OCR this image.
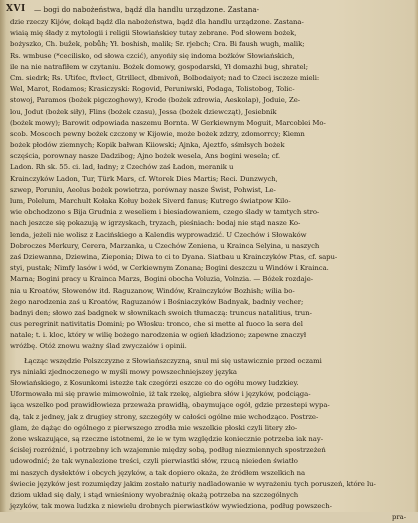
XVI — bogi do nabożeństwa, bądź dla handlu urządzone. Zastana-
dzie rzeczy Kijów, dokąd bądź dla nabożeństwa, bądź dla handlu urządzone. Zastana-
wiaią mię śłady z mytologii i religii Słowiańskiey tutay zebrane. Pod słowem bożek,
bożyszko, Ch. bužek, pobůh; Ył. boshish, malik; Sr. rjebch; Cra. Bi faush wugh, malik;
Rs. wmbuse (*cecilisko, od słowa czcić), anyońiy się indoma bożków Słowiańskich,
ile na nie natrafiłem w czytaniu. Bożek domowy, gospodarski, Ył domazhi bug, shratel;
Cm. siedrk; Rs. Ưtiťec, ftvlect, Gtrillect, dbmivoň, Bolbodaiyot; nad to Czeci isczeze mieli:
Wel, Marot, Rodamos; Krasiczyski: Rogovid, Peruniwski, Podaga, Tolistobog, Tolic-
stowoj, Paramos (bożek pigczoghowy), Krode (bożek zdrowia, Aeskolap), Joduie, Ze-
lou, Jodut (bożek siły), Flins (bożek czasu), Jessa (bożek dziewcząt), Jesiebnik
(bożek mowy); Barowit odpowiada naszemu Bornta. W Gerkiewnym Moguit, Marcoblei Mo-
scob. Moscoch pewny bożek czczony w Kijowie, może bożek zdzry, zdomorrcy; Kiemn
bożek płodów ziemnych; Kopik bałwan Kiiowski; Ajnka, Ajeztfo, sśmłsych bożek
sczęścia, porownay nasze Dadzibog; Ajno bożek wesela, Ans bogini wesela; cf.
Ladon. Rh sk. 55. ci. lad, ładny; z Czechów zaś Ładon, meranik u
Krainczyków Ladon, Tur, Türk Mars, cf. Wtorek Dies Martis; Reci. Dunzwych,
szwep, Poruniu, Aeolus bożek powietrza, porównay nasze Świst, Pohwist, Le-
lum, Polelum, Marchult Kołaka Kołuy bożek Siverd fanus; Kutrego światpow Kilo-
wie obchodzono s Bija Grudnia z weseliem i biesiadowaniem, czego ślady w tamtych stro-
nach jeszcze się pokazują w igrzyskach, tryzach, pieśniach: bodaj nie stąd nasze Ko-
lenda, jeżeli nie wolisz z Łacińskiego a Kalendis wyprowadzić. U Czechów i Słowaków
Dobroczes Merkury, Cerera, Marzanka, u Czechów Zeniena, u Krainca Selyina, u naszych
zaś Dziewanna, Dziewina, Zieponia; Diwa to ci to Dyana. Siatbau u Krainczyków Ptas, cf. sapu-
styi, pustak; Nimfy lasów i wód, w Cerkiewnym Zonana; Bogini deszczu u Windów i Krainca.
Marna; Bogini pracy u Krainca Marzs, Bogini obocha Voluzia, Volnzia. — Bóżek rozdaje-
nia u Kroatów, Słowenów itd. Raguzanow, Windów, Krainczyków Bozhish; wilia bo-
żego narodzenia zaś u Kroatów, Raguzanów i Bośniaczyków Badnyak, badniy vecher;
badnyi den; słowo zaś badgnek w słownikach swoich tłumaczą: truncus natalitius, trun-
cus peregrinit nativitatis Domini; po Włosku: tronco, che si mette al fuoco la sera del
natale; t. i. kloc, który w wilię bożego narodzenia w ogień kładziono; zapewne znaczył
wróżbę. Otóż znowu ważny ślad zwyczaiów i opinii.
Łącząc wszędzie Polszczyzne z Słowiańszczyzną, snul mi się ustawicznie przed oczami
rys niniaki zjednoczenego w myśli mowy powszechniejszey języka
Słowiańskiego, z Kosunkomi istezże tak czegórzi eszcze co do ogółu mowy ludzkiey.
Uformowała mi się prawie mimowolnie, iż tak rzekę, algiebra słów i języków, podciąga-
iąca wszelko pod prawidłowieza przeważa prawidłą, obaymujące ogół, gdzie przestepi wypa-
dą, tak z jedney, jak z drugiey strony, szczegóły w całości ogólne mie wchodząco. Postrze-
glam, że dążąc do ogólnego z pierwszego zrodła mie wszelkie płoski czyli litery zło-
żone wskazujące, są rzeczne istotnemi, że ie w tym względzie koniecznie potrzeba iak nay-
ścislej rozróżnić, i potrzebny ich wzajemnie między sobą, podług niezmiennych spostrzeżeń
udowodnić; że tak wynalezione treści, czyli pierwiastki słów, rzucą nieieden światło
mi naszych dysłektów i obcych języków, a tak dopiero okaża, że źródłem wszelkich na
świecie języków jest rozumiędzy jakim zostało naturiy nadladowanie w wyrażeniu tych poruszeń, które lu-
dziom układ się daly, i stąd wnieśniony wyobraźnię okażą potrzeba na szczególnych
języków, tak mowa ludzka z niewielu drobnych pierwiastków wywiedziona, podług powszech-
pra-
